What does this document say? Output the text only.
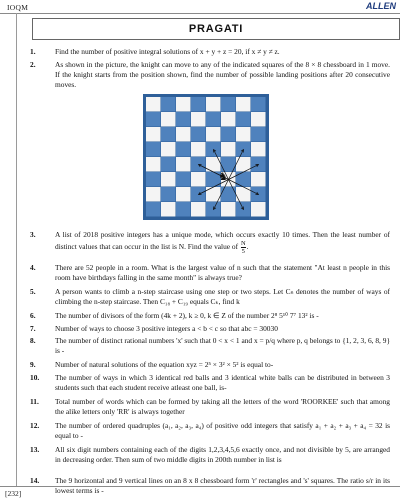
IOQM	ALLEN
PRAGATI
1.	Find the number of positive integral solutions of x + y + z = 20, if x ≠ y ≠ z.
2.	As shown in the picture, the knight can move to any of the indicated squares of the 8 × 8 chessboard in 1 move. If the knight starts from the position shown, find the number of possible landing positions after 20 consecutive moves.
♞
3.	A list of 2018 positive integers has a unique mode, which occurs exactly 10 times. Then the least number of distinct values that can occur in the list is N. Find the value of $\frac{N}{5}$ .
4.	There are 52 people in a room. What is the largest value of n such that the statement "At least n people in this room have birthdays falling in the same month" is always true?
5.	A person wants to climb a n-step staircase using one step or two steps. Let Cₙ denotes the number of ways of climbing the n-step staircase. Then C₁₈ + C₁₉ equals Cₖ, find k
6.	The number of divisors of the form (4k + 2), k ≥ 0, k ∈ Z of the number 2⁸ 5¹⁰ 7⁷ 13² is -
7.	Number of ways to choose 3 positive integers a < b < c so that abc = 30030
8.	The number of distinct rational numbers 'x' such that 0 < x < 1 and x = p/q where p, q belongs to {1, 2, 3, 6, 8, 9} is -
9.	Number of natural solutions of the equation xyz = 2⁵ × 3² × 5² is equal to-
10.	The number of ways in which 3 identical red balls and 3 identical white balls can be distributed in between 3 students such that each student receive atleast one ball, is-
11.	Total number of words which can be formed by taking all the letters of the word 'ROORKEE' such that among the alike letters only 'RR' is always together
12.	The number of ordered quadruples (a₁, a₂, a₃, a₄) of positive odd integers that satisfy a₁ + a₂ + a₃ + a₄ = 32 is equal to -
13.	All six digit numbers containing each of the digits 1,2,3,4,5,6 exactly once, and not divisible by 5, are arranged in decreasing order. Then sum of two middle digits in 200th number in list is
14.	The 9 horizontal and 9 vertical lines on an 8 x 8 chessboard form 'r' rectangles and 's' squares. The ratio s/r in its lowest terms is -
[232]
